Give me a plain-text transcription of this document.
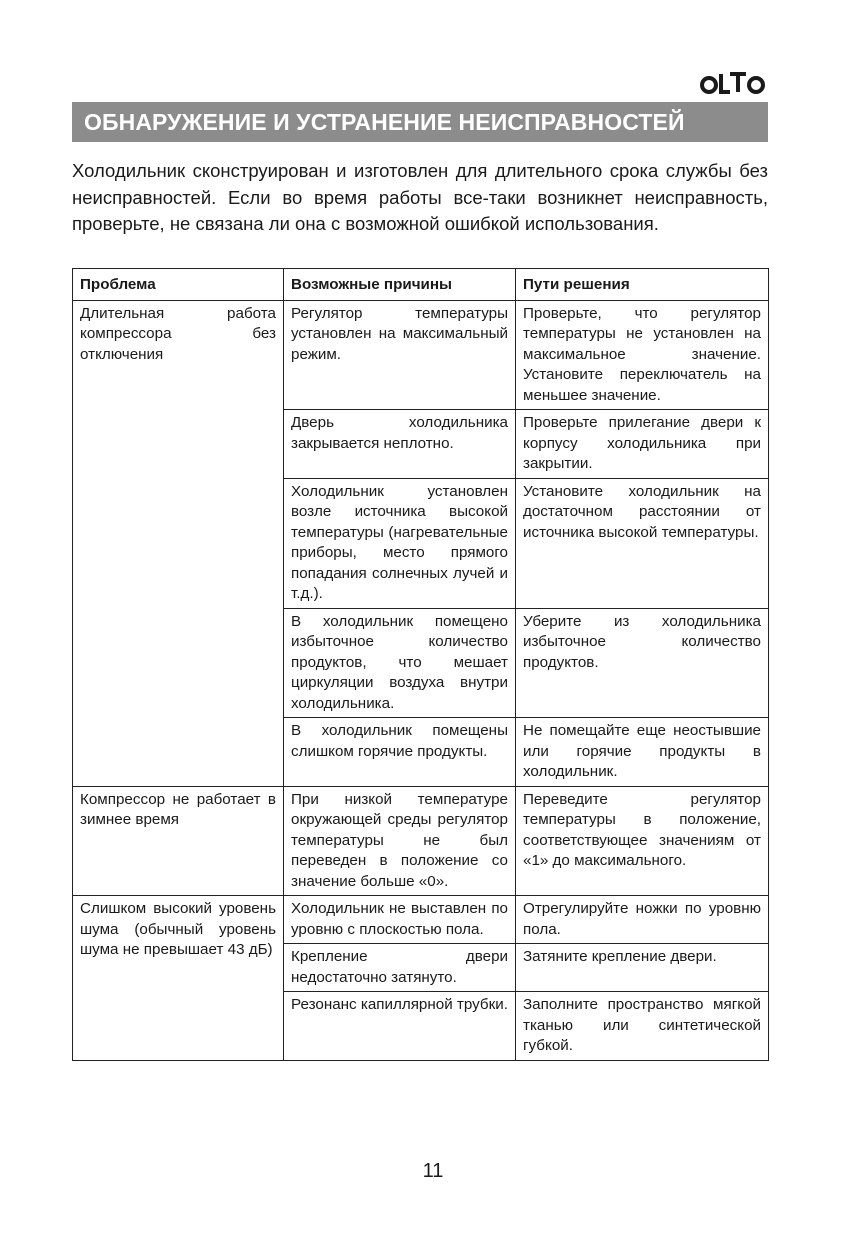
ОБНАРУЖЕНИЕ И УСТРАНЕНИЕ НЕИСПРАВНОСТЕЙ

Холодильник сконструирован и изготовлен для длительного срока службы без неисправностей. Если во время работы все-таки возникнет неисправность, проверьте, не связана ли она с возможной ошибкой использования.

Проблема	Возможные причины	Пути решения
Длительная работа компрессора без отключения	Регулятор температуры установлен на максимальный режим.	Проверьте, что регулятор температуры не установлен на максимальное значение. Установите переключатель на меньшее значение.
	Дверь холодильника закрывается неплотно.	Проверьте прилегание двери к корпусу холодильника при закрытии.
	Холодильник установлен возле источника высокой температуры (нагревательные приборы, место прямого попадания солнечных лучей и т.д.).	Установите холодильник на достаточном расстоянии от источника высокой температуры.
	В холодильник помещено избыточное количество продуктов, что мешает циркуляции воздуха внутри холодильника.	Уберите из холодильника избыточное количество продуктов.
	В холодильник помещены слишком горячие продукты.	Не помещайте еще неостывшие или горячие продукты в холодильник.
Компрессор не работает в зимнее время	При низкой температуре окружающей среды регулятор температуры не был переведен в положение со значение больше «0».	Переведите регулятор температуры в положение, соответствующее значениям от «1» до максимального.
Слишком высокий уровень шума (обычный уровень шума не превышает 43 дБ)	Холодильник не выставлен по уровню с плоскостью пола.	Отрегулируйте ножки по уровню пола.
	Крепление двери недостаточно затянуто.	Затяните крепление двери.
	Резонанс капиллярной трубки.	Заполните пространство мягкой тканью или синтетической губкой.
11
